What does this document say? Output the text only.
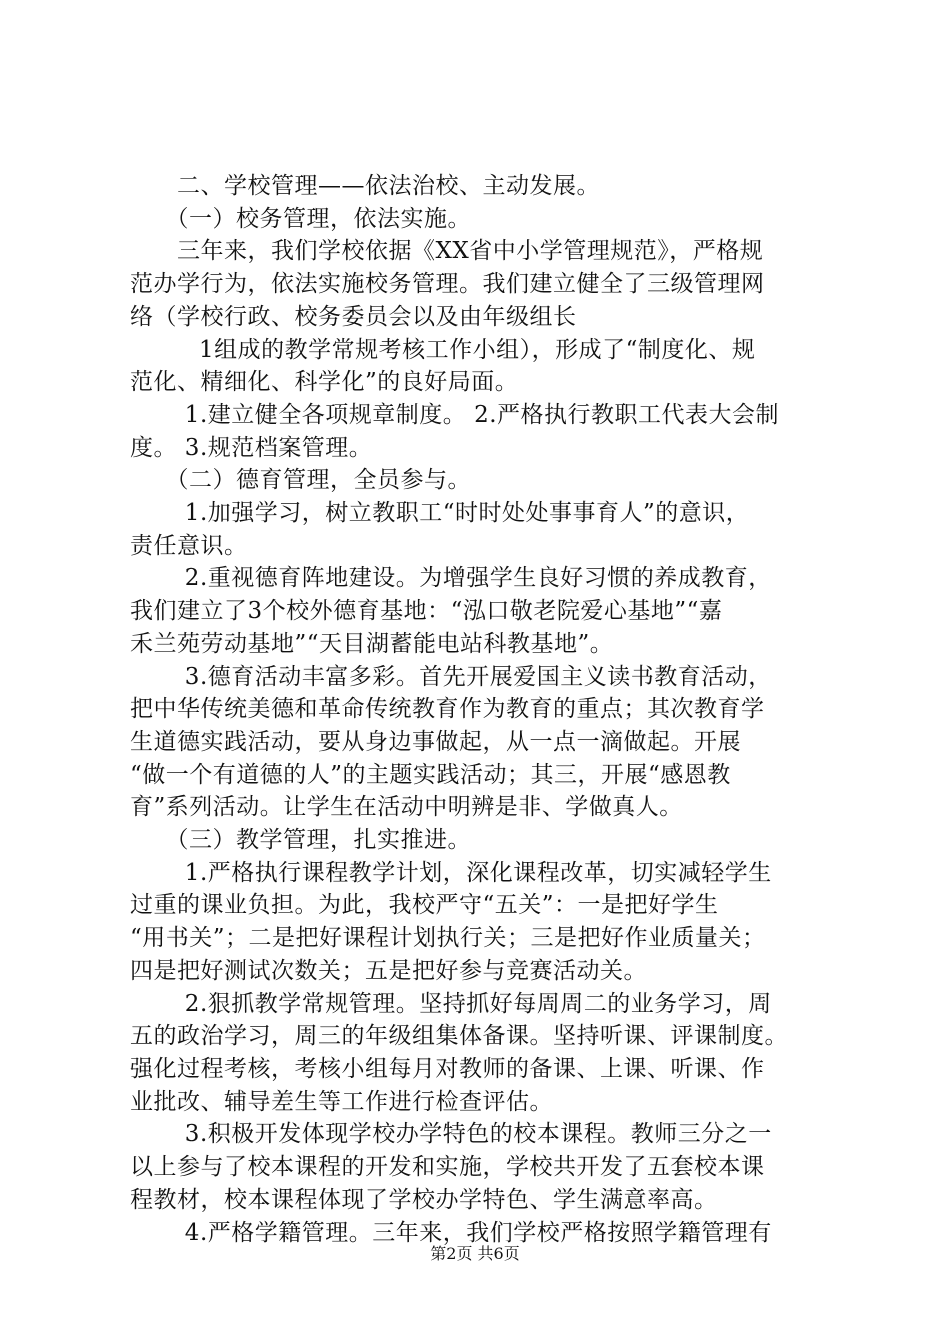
　　二、学校管理——依法治校、主动发展。
　　（一）校务管理，依法实施。
　　三年来，我们学校依据《XX省中小学管理规范》，严格规
范办学行为，依法实施校务管理。我们建立健全了三级管理网
络（学校行政、校务委员会以及由年级组长
　　1组成的教学常规考核工作小组），形成了“制度化、规
范化、精细化、科学化”的良好局面。
　　 1.建立健全各项规章制度。 2.严格执行教职工代表大会制
度。 3.规范档案管理。
　　（二）德育管理，全员参与。
　　 1.加强学习，树立教职工“时时处处事事育人”的意识，
责任意识。
　　 2.重视德育阵地建设。为增强学生良好习惯的养成教育，
我们建立了3个校外德育基地：“泓口敬老院爱心基地”“嘉
禾兰苑劳动基地”“天目湖蓄能电站科教基地”。
　　 3.德育活动丰富多彩。首先开展爱国主义读书教育活动，
把中华传统美德和革命传统教育作为教育的重点；其次教育学
生道德实践活动，要从身边事做起，从一点一滴做起。开展
“做一个有道德的人”的主题实践活动；其三，开展“感恩教
育”系列活动。让学生在活动中明辨是非、学做真人。
　　（三）教学管理，扎实推进。
　　 1.严格执行课程教学计划，深化课程改革，切实减轻学生
过重的课业负担。为此，我校严守“五关”：一是把好学生
“用书关”；二是把好课程计划执行关；三是把好作业质量关；
四是把好测试次数关；五是把好参与竞赛活动关。
　　 2.狠抓教学常规管理。坚持抓好每周周二的业务学习，周
五的政治学习，周三的年级组集体备课。坚持听课、评课制度。
强化过程考核，考核小组每月对教师的备课、上课、听课、作
业批改、辅导差生等工作进行检查评估。
　　 3.积极开发体现学校办学特色的校本课程。教师三分之一
以上参与了校本课程的开发和实施，学校共开发了五套校本课
程教材，校本课程体现了学校办学特色、学生满意率高。
　　 4.严格学籍管理。三年来，我们学校严格按照学籍管理有
第2页 共6页
